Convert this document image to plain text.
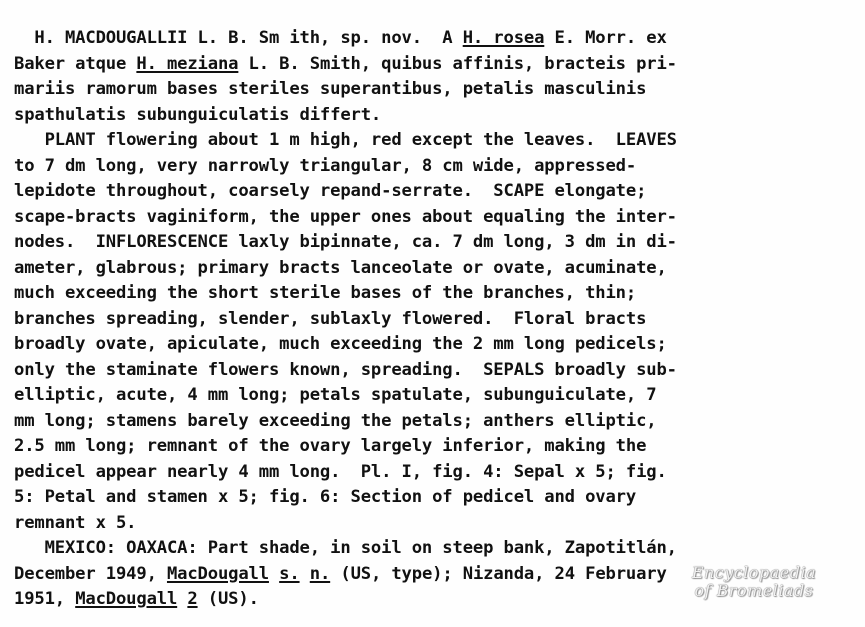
H. MACDOUGALLII L. B. Sm ith, sp. nov.  A H. rosea E. Morr. ex
Baker atque H. meziana L. B. Smith, quibus affinis, bracteis pri-
mariis ramorum bases steriles superantibus, petalis masculinis
spathulatis subunguiculatis differt.
PLANT flowering about 1 m high, red except the leaves.  LEAVES
to 7 dm long, very narrowly triangular, 8 cm wide, appressed-
lepidote throughout, coarsely repand-serrate.  SCAPE elongate;
scape-bracts vaginiform, the upper ones about equaling the inter-
nodes.  INFLORESCENCE laxly bipinnate, ca. 7 dm long, 3 dm in di-
ameter, glabrous; primary bracts lanceolate or ovate, acuminate,
much exceeding the short sterile bases of the branches, thin;
branches spreading, slender, sublaxly flowered.  Floral bracts
broadly ovate, apiculate, much exceeding the 2 mm long pedicels;
only the staminate flowers known, spreading.  SEPALS broadly sub-
elliptic, acute, 4 mm long; petals spatulate, subunguiculate, 7
mm long; stamens barely exceeding the petals; anthers elliptic,
2.5 mm long; remnant of the ovary largely inferior, making the
pedicel appear nearly 4 mm long.  Pl. I, fig. 4: Sepal x 5; fig.
5: Petal and stamen x 5; fig. 6: Section of pedicel and ovary
remnant x 5.
MEXICO: OAXACA: Part shade, in soil on steep bank, Zapotitlán,
December 1949, MacDougall s. n. (US, type); Nizanda, 24 February
1951, MacDougall 2 (US).
Encyclopaedia
of Bromeliads
